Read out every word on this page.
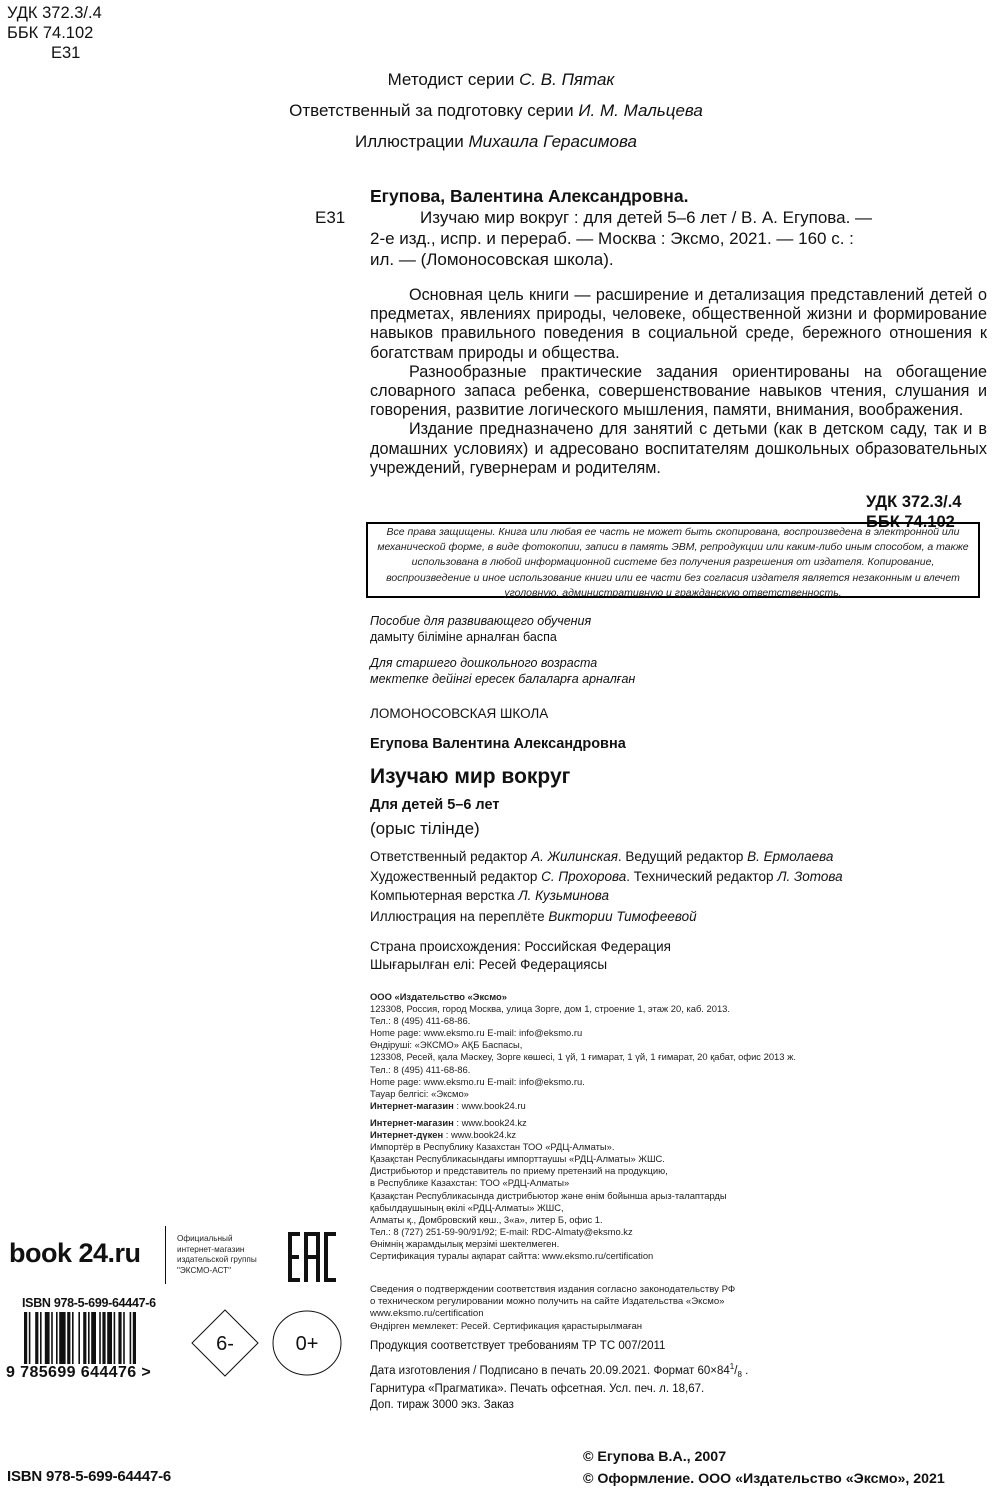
УДК 372.3/.4
ББК 74.102
Е31
Методист серии С. В. Пятак
Ответственный за подготовку серии И. М. Мальцева
Иллюстрации Михаила Герасимова
Егупова, Валентина Александровна.
Е31	Изучаю мир вокруг : для детей 5–6 лет / В. А. Егупова. —
2-е изд., испр. и перераб. — Москва : Эксмо, 2021. — 160 с. :
ил. — (Ломоносовская школа).

Основная цель книги — расширение и детализация представлений детей о предметах, явлениях природы, человеке, общественной жизни и формирование навыков правильного поведения в социальной среде, бережного отношения к богатствам природы и общества.

Разнообразные практические задания ориентированы на обогащение словарного запаса ребенка, совершенствование навыков чтения, слушания и говорения, развитие логического мышления, памяти, внимания, воображения.

Издание предназначено для занятий с детьми (как в детском саду, так и в домашних условиях) и адресовано воспитателям дошкольных образовательных учреждений, гувернерам и родителям.

УДК 372.3/.4
ББК 74.102
Все права защищены. Книга или любая ее часть не может быть скопирована, воспроизведена в электронной или механической форме, в виде фотокопии, записи в память ЭВМ, репродукции или каким-либо иным способом, а также использована в любой информационной системе без получения разрешения от издателя. Копирование, воспроизведение и иное использование книги или ее части без согласия издателя является незаконным и влечет уголовную, административную и гражданскую ответственность.
Пособие для развивающего обучения
дамыту біліміне арналған баспа
Для старшего дошкольного возраста
мектепке дейінгі ересек балаларға арналған
ЛОМОНОСОВСКАЯ ШКОЛА
Егупова Валентина Александровна
Изучаю мир вокруг
Для детей 5–6 лет
(орыс тілінде)
Ответственный редактор А. Жилинская. Ведущий редактор В. Ермолаева
Художественный редактор С. Прохорова. Технический редактор Л. Зотова
Компьютерная верстка Л. Кузьминова
Иллюстрация на переплёте Виктории Тимофеевой
Страна происхождения: Российская Федерация
Шығарылған елі: Ресей Федерациясы
ООО «Издательство «Эксмо»
123308, Россия, город Москва, улица Зорге, дом 1, строение 1, этаж 20, каб. 2013.
Тел.: 8 (495) 411-68-86.
Home page: www.eksmo.ru E-mail: info@eksmo.ru
Өндіруші: «ЭКСМО» АҚБ Баспасы,
123308, Ресей, қала Мәскеу, Зорге көшесі, 1 үй, 1 ғимарат, 1 үй, 1 ғимарат, 20 қабат, офис 2013 ж.
Тел.: 8 (495) 411-68-86.
Home page: www.eksmo.ru E-mail: info@eksmo.ru.
Тауар белгісі: «Эксмо»
Интернет-магазин : www.book24.ru
Интернет-магазин : www.book24.kz
Интернет-дүкен : www.book24.kz
Импортёр в Республику Казахстан ТОО «РДЦ-Алматы».
Қазақстан Республикасындағы импорттаушы «РДЦ-Алматы» ЖШС.
Дистрибьютор и представитель по приему претензий на продукцию,
в Республике Казахстан: ТОО «РДЦ-Алматы»
Қазақстан Республикасында дистрибьютор және өнім бойынша арыз-талаптарды
қабылдаушының өкілі «РДЦ-Алматы» ЖШС,
Алматы қ., Домбровский көш., 3«а», литер Б, офис 1.
Тел.: 8 (727) 251-59-90/91/92; E-mail: RDC-Almaty@eksmo.kz
Өнімнің жарамдылық мерзімі шектелмеген.
Сертификация туралы ақпарат сайтта: www.eksmo.ru/certification
Сведения о подтверждении соответствия издания согласно законодательству РФ
о техническом регулировании можно получить на сайте Издательства «Эксмо»
www.eksmo.ru/certification
Өндірген мемлекет: Ресей. Сертификация қарастырылмаған
Продукция соответствует требованиям ТР ТС 007/2011
Дата изготовления / Подписано в печать 20.09.2021. Формат $60\times 84^1/_8$ .
Гарнитура «Прагматика». Печать офсетная. Усл. печ. л. 18,67.
Доп. тираж 3000 экз. Заказ
book 24.ru	Официальный
интернет-магазин
издательской группы
"ЭКСМО-АСТ"
ISBN 978-5-699-64447-6
9 785699 644476 >
6-	0+
ISBN 978-5-699-64447-6
© Егупова В.А., 2007
© Оформление. ООО «Издательство «Эксмо», 2021
